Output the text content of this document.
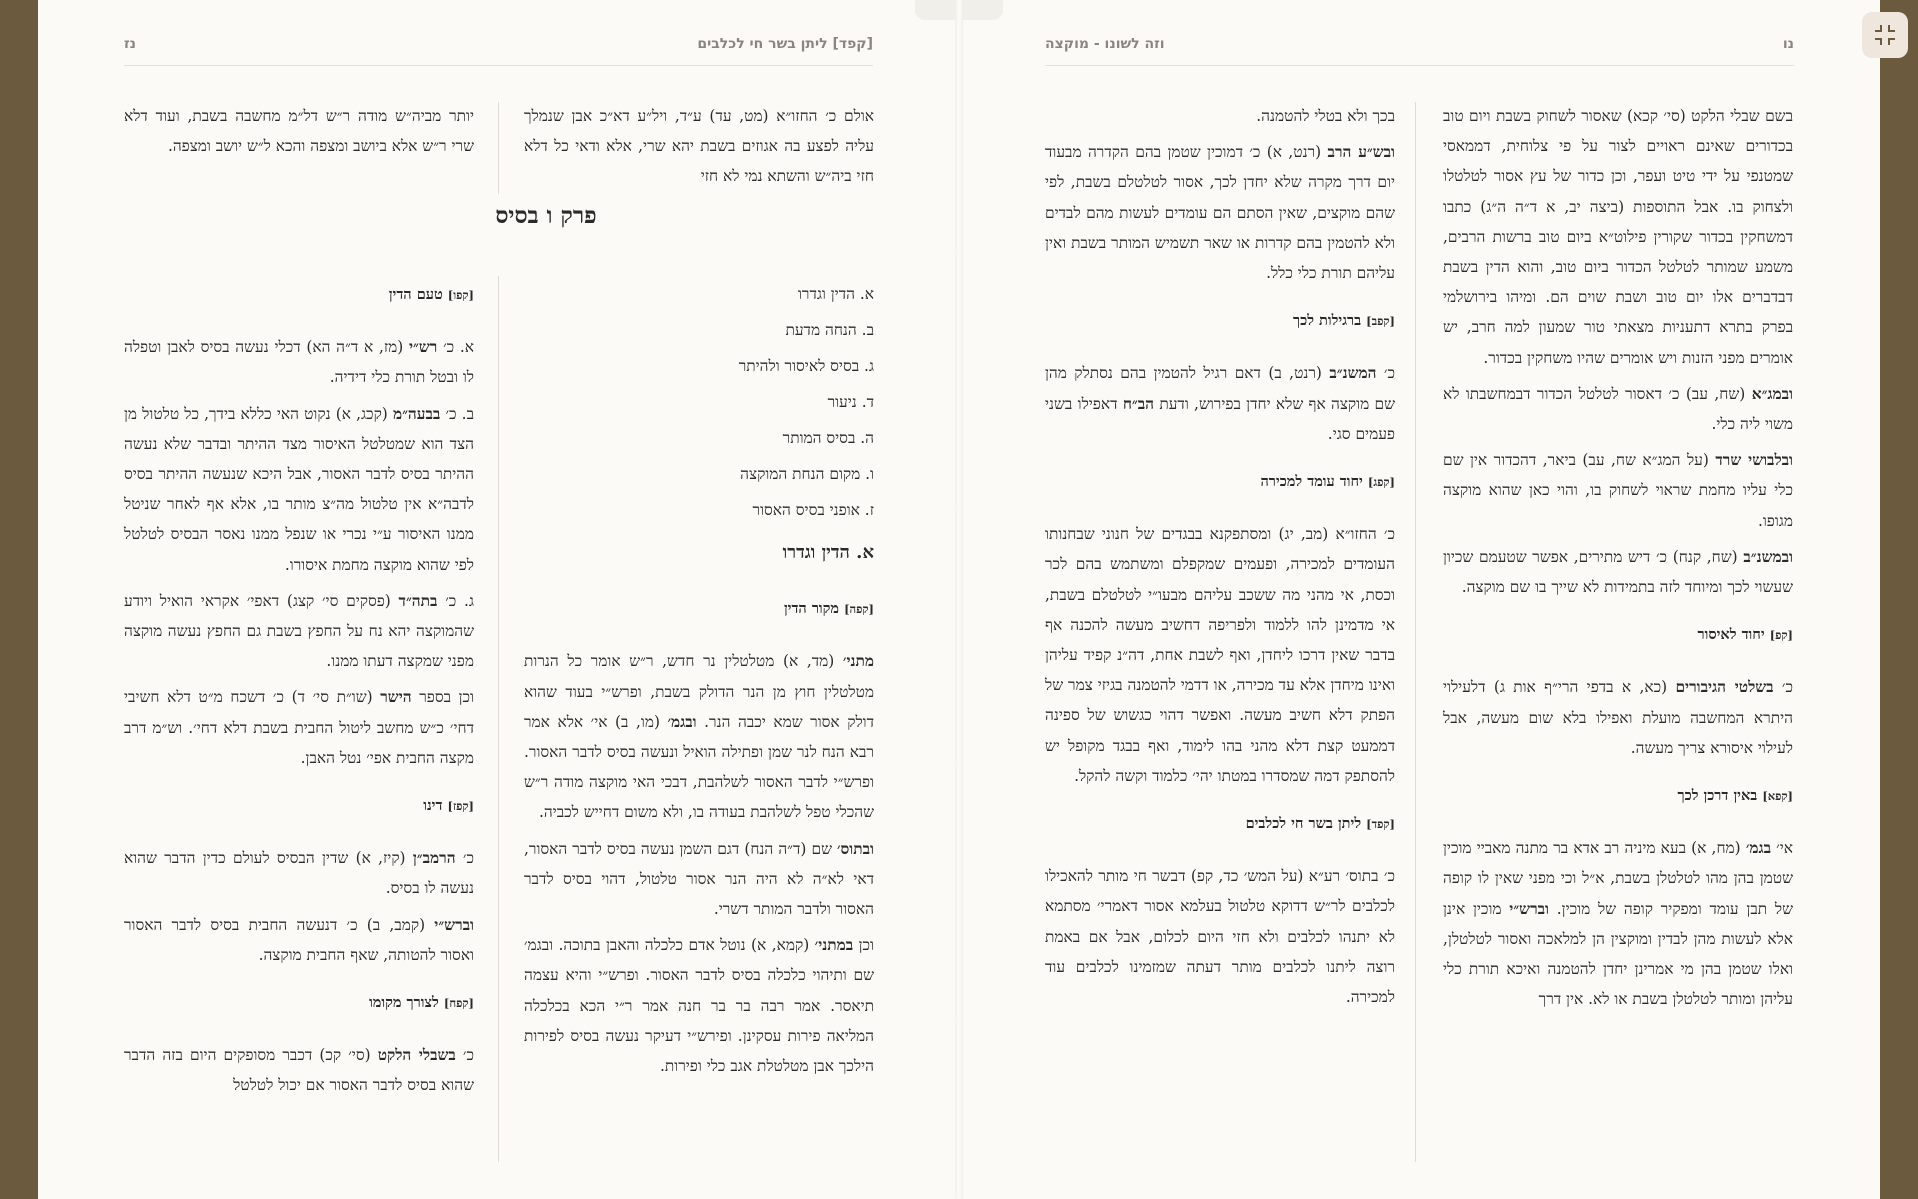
נז	[קפד] ליתן בשר חי לכלבים

אולם כ׳ החזו״א (מט, עד) ע״ד, ויל״ע דא״כ אבן שנמלך עליה לפצע בה אגוזים בשבת יהא שרי, אלא ודאי כל דלא חזי ביה״ש והשתא נמי לא חזי

יותר מביה״ש מודה ר״ש דל״מ מחשבה בשבת, ועוד דלא שרי ר״ש אלא ביושב ומצפה והכא ל״ש יושב ומצפה.

פרק ו בסיס
א. הדין וגדרו
ב. הנחה מדעת
ג. בסיס לאיסור ולהיתר
ד. ניעור
ה. בסיס המותר
ו. מקום הנחת המוקצה
ז. אופני בסיס האסור
א. הדין וגדרו
[קפה] מקור הדין

מתני׳ (מד, א) מטלטלין נר חדש, ר״ש אומר כל הנרות מטלטלין חוץ מן הנר הדולק בשבת, ופרש״י בעוד שהוא דולק אסור שמא יכבה הנר. ובגמ׳ (מו, ב) אי׳ אלא אמר רבא הנח לנר שמן ופתילה הואיל ונעשה בסיס לדבר האסור. ופרש״י לדבר האסור לשלהבת, דבכי האי מוקצה מודה ר״ש שהכלי טפל לשלהבת בעודה בו, ולא משום דחייש לכביה.

ובתוס׳ שם (ד״ה הנח) דגם השמן נעשה בסיס לדבר האסור, דאי לא״ה לא היה הנר אסור טלטול, דהוי בסיס לדבר האסור ולדבר המותר דשרי.

וכן במתני׳ (קמא, א) נוטל אדם כלכלה והאבן בתוכה. ובגמ׳ שם ותיהוי כלכלה בסיס לדבר האסור. ופרש״י והיא עצמה תיאסר. אמר רבה בר בר חנה אמר ר״י הכא בכלכלה המליאה פירות עסקינן. ופירש״י דעיקר נעשה בסיס לפירות הילכך אבן מטלטלת אגב כלי ופירות.

[קפו] טעם הדין

א. כ׳ רש״י (מז, א ד״ה הא) דכלי נעשה בסיס לאבן וטפלה לו ובטל תורת כלי דידיה.

ב. כ׳ בבעה״מ (קכג, א) נקוט האי כללא בידך, כל טלטול מן הצד הוא שמטלטל האיסור מצד ההיתר ובדבר שלא נעשה ההיתר בסיס לדבר האסור, אבל היכא שנעשה ההיתר בסיס לדבה״א אין טלטול מה״צ מותר בו, אלא אף לאחר שניטל ממנו האיסור ע״י נכרי או שנפל ממנו נאסר הבסיס לטלטל לפי שהוא מוקצה מחמת איסורו.

ג. כ׳ בתה״ד (פסקים סי׳ קצג) דאפי׳ אקראי הואיל ויודע שהמוקצה יהא נח על החפץ בשבת גם החפץ נעשה מוקצה מפני שמקצה דעתו ממנו.

וכן בספר הישר (שו״ת סי׳ ד) כ׳ דשכח מ״ט דלא חשיבי דחי׳ כ״ש מחשב ליטול החבית בשבת דלא דחי׳. וש״מ דרב מקצה החבית אפי׳ נטל האבן.

[קפז] דינו

כ׳ הרמב״ן (קיז, א) שדין הבסיס לעולם כדין הדבר שהוא נעשה לו בסיס.

וברש״י (קמב, ב) כ׳ דנעשה החבית בסיס לדבר האסור ואסור להטותה, שאף החבית מוקצה.

[קפח] לצורך מקומו

כ׳ בשבלי הלקט (סי׳ קכ) דכבר מסופקים היום בזה הדבר שהוא בסיס לדבר האסור אם יכול לטלטל

נו
וזה לשונו - מוקצה

בשם שבלי הלקט (סי׳ קכא) שאסור לשחוק בשבת ויום טוב בכדורים שאינם ראויים לצור על פי צלוחית, דממאסי שמטנפי על ידי טיט ועפר, וכן כדור של עץ אסור לטלטלו ולצחוק בו. אבל התוספות (ביצה יב, א ד״ה ה״ג) כתבו דמשחקין בכדור שקורין פילוט״א ביום טוב ברשות הרבים, משמע שמותר לטלטל הכדור ביום טוב, והוא הדין בשבת דבדברים אלו יום טוב ושבת שוים הם. ומיהו בירושלמי בפרק בתרא דתעניות מצאתי טור שמעון למה חרב, יש אומרים מפני הזנות ויש אומרים שהיו משחקין בכדור.

ובמג״א (שח, עב) כ׳ דאסור לטלטל הכדור דבמחשבתו לא משוי ליה כלי.

ובלבושי שרד (על המג״א שח, עב) ביאר, דהכדור אין שם כלי עליו מחמת שראוי לשחוק בו, והוי כאן שהוא מוקצה מגופו.

ובמשנ״ב (שח, קנח) כ׳ דיש מתירים, אפשר שטעמם שכיון שעשוי לכך ומיוחד לזה בתמידות לא שייך בו שם מוקצה.

[קפ] יחוד לאיסור

כ׳ בשלטי הגיבורים (כא, א בדפי הרי״ף אות ג) דלעילוי היתרא המחשבה מועלת ואפילו בלא שום מעשה, אבל לעילוי איסורא צריך מעשה.

[קפא] באין דרכן לכך

אי׳ בגמ׳ (מח, א) בעא מיניה רב אדא בר מתנה מאביי מוכין שטמן בהן מהו לטלטלן בשבת, א״ל וכי מפני שאין לו קופה של תבן עומד ומפקיר קופה של מוכין. וברש״י מוכין אינן אלא לעשות מהן לבדין ומוקצין הן למלאכה ואסור לטלטלן, ואלו שטמן בהן מי אמרינן יחדן להטמנה ואיכא תורת כלי עליהן ומותר לטלטלן בשבת או לא. אין דרך

בכך ולא בטלי להטמנה.

ובש״ע הרב (רנט, א) כ׳ דמוכין שטמן בהם הקדרה מבעוד יום דרך מקרה שלא יחדן לכך, אסור לטלטלם בשבת, לפי שהם מוקצים, שאין הסתם הם עומדים לעשות מהם לבדים ולא להטמין בהם קדרות או שאר תשמיש המותר בשבת ואין עליהם תורת כלי כלל.

[קפב] ברגילות לכך

כ׳ המשנ״ב (רנט, ב) דאם רגיל להטמין בהם נסתלק מהן שם מוקצה אף שלא יחדן בפירוש, ודעת הב״ח דאפילו בשני פעמים סגי.

[קפג] יחוד עומד למכירה

כ׳ החזו״א (מב, יג) ומסתפקנא בבגדים של חנוני שבחנותו העומדים למכירה, ופעמים שמקפלם ומשתמש בהם לכר וכסת, אי מהני מה ששכב עליהם מבעו״י לטלטלם בשבת, אי מדמינן להו ללמוד ולפריפה דחשיב מעשה להכנה אף בדבר שאין דרכו ליחדן, ואף לשבת אחת, דה״נ קפיד עליהן ואינו מיחדן אלא עד מכירה, או דדמי להטמנה בגיזי צמר של הפתק דלא חשיב מעשה. ואפשר דהוי כגשוש של ספינה דממעט קצת דלא מהני בהו לימוד, ואף בבגד מקופל יש להסתפק דמה שמסדרו במטתו יהי׳ כלמוד וקשה להקל.

[קפד] ליתן בשר חי לכלבים

כ׳ בתוס׳ רע״א (על המש׳ כד, קפ) דבשר חי מותר להאכילו לכלבים לר״ש דדוקא טלטול בעלמא אסור דאמרי׳ מסתמא לא יתנהו לכלבים ולא חזי היום לכלום, אבל אם באמת רוצה ליתנו לכלבים מותר דעתה שמזמינו לכלבים עוד למכירה.
